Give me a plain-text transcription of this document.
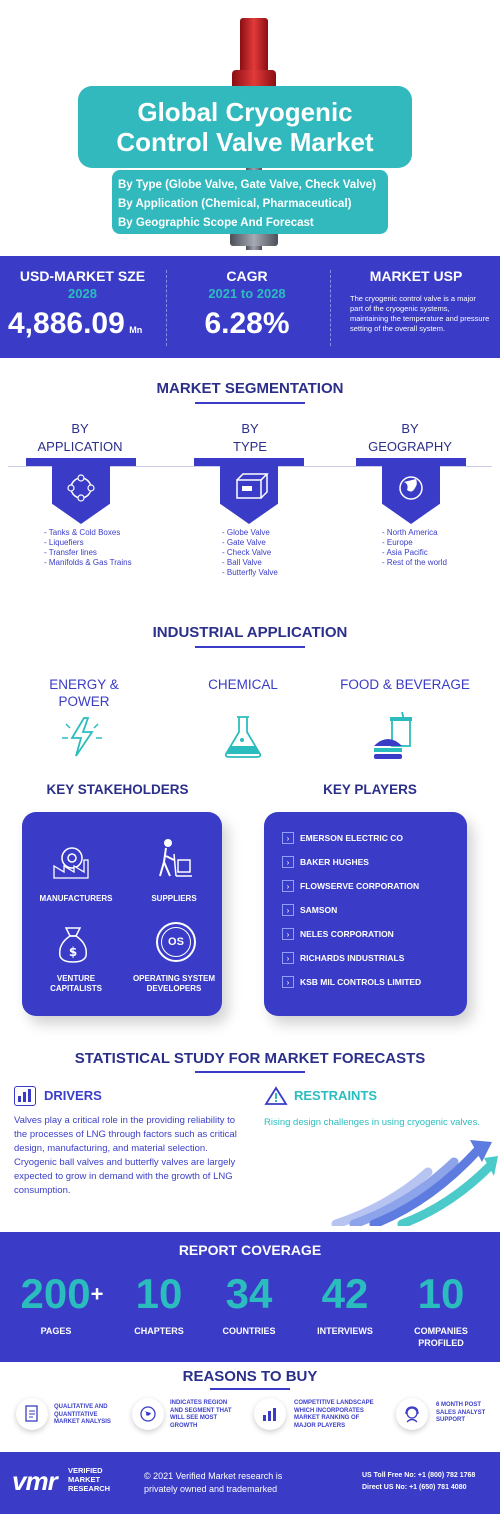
Global Cryogenic
Control Valve Market
By Type (Globe Valve, Gate Valve, Check Valve)
By Application (Chemical, Pharmaceutical)
By Geographic Scope And Forecast
USD-MARKET SZE
2028
4,886.09 Mn
CAGR
2021 to 2028
6.28%
MARKET USP
The cryogenic control valve is a major part of the cryogenic systems, maintaining the temperature and pressure setting of the overall system.
MARKET SEGMENTATION
BY
APPLICATION
BY
TYPE
BY
GEOGRAPHY
- Tanks & Cold Boxes
- Liquefiers
- Transfer lines
- Manifolds & Gas Trains
- Globe Valve
- Gate Valve
- Check Valve
- Ball Valve
- Butterfly Valve
- North America
- Europe
- Asia Pacific
- Rest of the world
INDUSTRIAL APPLICATION
ENERGY &
POWER
CHEMICAL	FOOD & BEVERAGE
KEY STAKEHOLDERS	KEY PLAYERS
MANUFACTURERS	SUPPLIERS
$
VENTURE
CAPITALISTS
OS
OPERATING SYSTEM
DEVELOPERS
›	EMERSON ELECTRIC CO
›	BAKER HUGHES
›	FLOWSERVE CORPORATION
›	SAMSON
›	NELES CORPORATION
›	RICHARDS INDUSTRIALS
›	KSB MIL CONTROLS LIMITED
STATISTICAL STUDY FOR MARKET FORECASTS
DRIVERS
Valves play a critical role in the providing reliability to the processes of LNG through factors such as critical design, manufacturing, and material selection. Cryogenic ball valves and butterfly valves are largely expected to grow in demand with the growth of LNG consumption.
RESTRAINTS
Rising design challenges in using cryogenic valves.
REPORT COVERAGE
200+
PAGES
10
CHAPTERS
34
COUNTRIES
42
INTERVIEWS
10
COMPANIES
PROFILED
REASONS TO BUY
QUALITATIVE AND
QUANTITATIVE
MARKET ANALYSIS
INDICATES REGION
AND SEGMENT THAT
WILL SEE MOST
GROWTH
COMPETITIVE LANDSCAPE
WHICH INCORPORATES
MARKET RANKING OF
MAJOR PLAYERS
6 MONTH POST
SALES ANALYST
SUPPORT
vmr VERIFIED
MARKET
RESEARCH
© 2021 Verified Market research is
privately owned and trademarked
US Toll Free No: +1 (800) 782 1768
Direct US No: +1 (650) 781 4080
